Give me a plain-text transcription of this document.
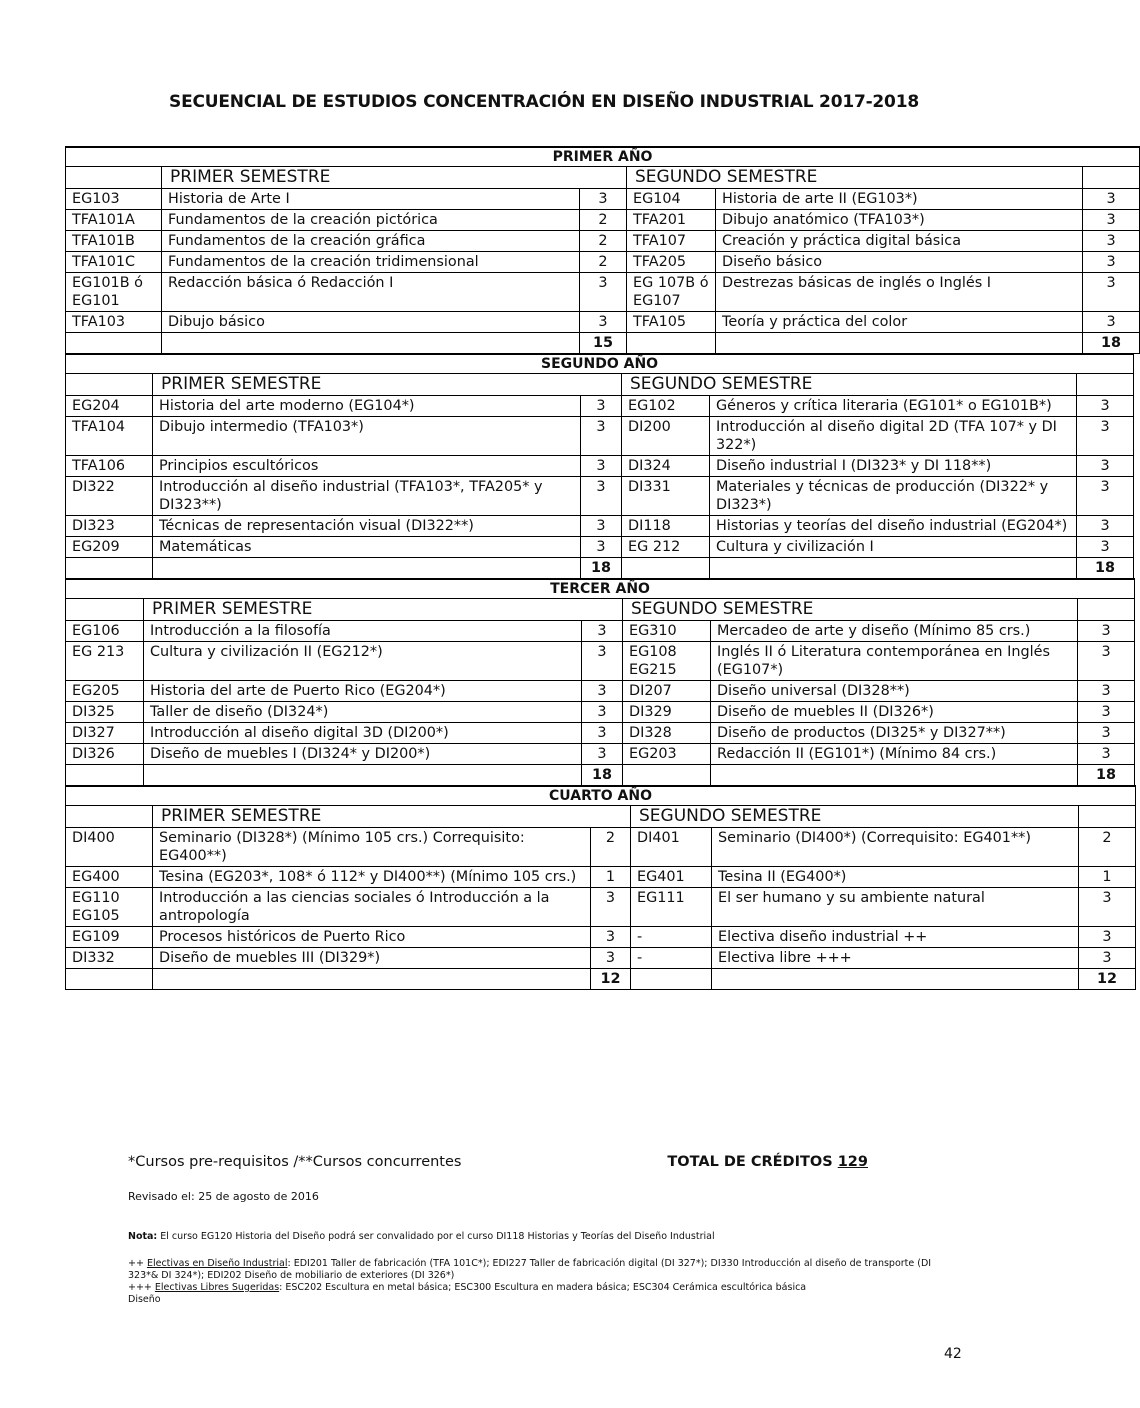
SECUENCIAL DE ESTUDIOS CONCENTRACIÓN EN DISEÑO INDUSTRIAL 2017-2018
PRIMER AÑO					
	PRIMER SEMESTRE		SEGUNDO SEMESTRE		
EG103	Historia de Arte I	3	EG104	Historia de arte II (EG103*)	3
TFA101A	Fundamentos de la creación pictórica	2	TFA201	Dibujo anatómico (TFA103*)	3
TFA101B	Fundamentos de la creación gráfica	2	TFA107	Creación y práctica digital básica	3
TFA101C	Fundamentos de la creación tridimensional	2	TFA205	Diseño básico	3
EG101B ó EG101	Redacción básica ó Redacción I	3	EG 107B ó EG107	Destrezas básicas de inglés o Inglés I	3
TFA103	Dibujo básico	3	TFA105	Teoría y práctica del color	3
		15			18
SEGUNDO AÑO					
	PRIMER SEMESTRE		SEGUNDO SEMESTRE		
EG204	Historia del arte moderno (EG104*)	3	EG102	Géneros y crítica literaria (EG101* o EG101B*)	3
TFA104	Dibujo intermedio (TFA103*)	3	DI200	Introducción al diseño digital 2D (TFA 107* y DI 322*)	3
TFA106	Principios escultóricos	3	DI324	Diseño industrial I (DI323* y DI 118**)	3
DI322	Introducción al diseño industrial (TFA103*, TFA205* y DI323**)	3	DI331	Materiales y técnicas de producción (DI322* y DI323*)	3
DI323	Técnicas de representación visual (DI322**)	3	DI118	Historias y teorías del diseño industrial (EG204*)	3
EG209	Matemáticas	3	EG 212	Cultura y civilización I	3
		18			18
TERCER AÑO					
	PRIMER SEMESTRE		SEGUNDO SEMESTRE		
EG106	Introducción a la filosofía	3	EG310	Mercadeo de arte y diseño (Mínimo 85 crs.)	3
EG 213	Cultura y civilización II (EG212*)	3	EG108 EG215	Inglés II ó Literatura contemporánea en Inglés (EG107*)	3
EG205	Historia del arte de Puerto Rico (EG204*)	3	DI207	Diseño universal (DI328**)	3
DI325	Taller de diseño (DI324*)	3	DI329	Diseño de muebles II (DI326*)	3
DI327	Introducción al diseño digital 3D (DI200*)	3	DI328	Diseño de productos (DI325* y DI327**)	3
DI326	Diseño de muebles I (DI324* y DI200*)	3	EG203	Redacción II (EG101*) (Mínimo 84 crs.)	3
		18			18
CUARTO AÑO					
	PRIMER SEMESTRE		SEGUNDO SEMESTRE		
DI400	Seminario (DI328*) (Mínimo 105 crs.) Correquisito: EG400**)	2	DI401	Seminario (DI400*) (Correquisito: EG401**)	2
EG400	Tesina (EG203*, 108* ó 112* y DI400**) (Mínimo 105 crs.)	1	EG401	Tesina II (EG400*)	1
EG110 EG105	Introducción a las ciencias sociales ó Introducción a la antropología	3	EG111	El ser humano y su ambiente natural	3
EG109	Procesos históricos de Puerto Rico	3	-	Electiva diseño industrial ++	3
DI332	Diseño de muebles III (DI329*)	3	-	Electiva libre +++	3
		12			12
*Cursos pre-requisitos /**Cursos concurrentes	TOTAL DE CRÉDITOS 129
Revisado el: 25 de agosto de 2016
Nota: El curso EG120 Historia del Diseño podrá ser convalidado por el curso DI118 Historias y Teorías del Diseño Industrial
++ Electivas en Diseño Industrial: EDI201 Taller de fabricación (TFA 101C*); EDI227 Taller de fabricación digital (DI 327*); DI330 Introducción al diseño de transporte (DI 323*& DI 324*); EDI202 Diseño de mobiliario de exteriores (DI 326*)
+++ Electivas Libres Sugeridas: ESC202 Escultura en metal básica; ESC300 Escultura en madera básica; ESC304 Cerámica escultórica básica
Diseño
42
